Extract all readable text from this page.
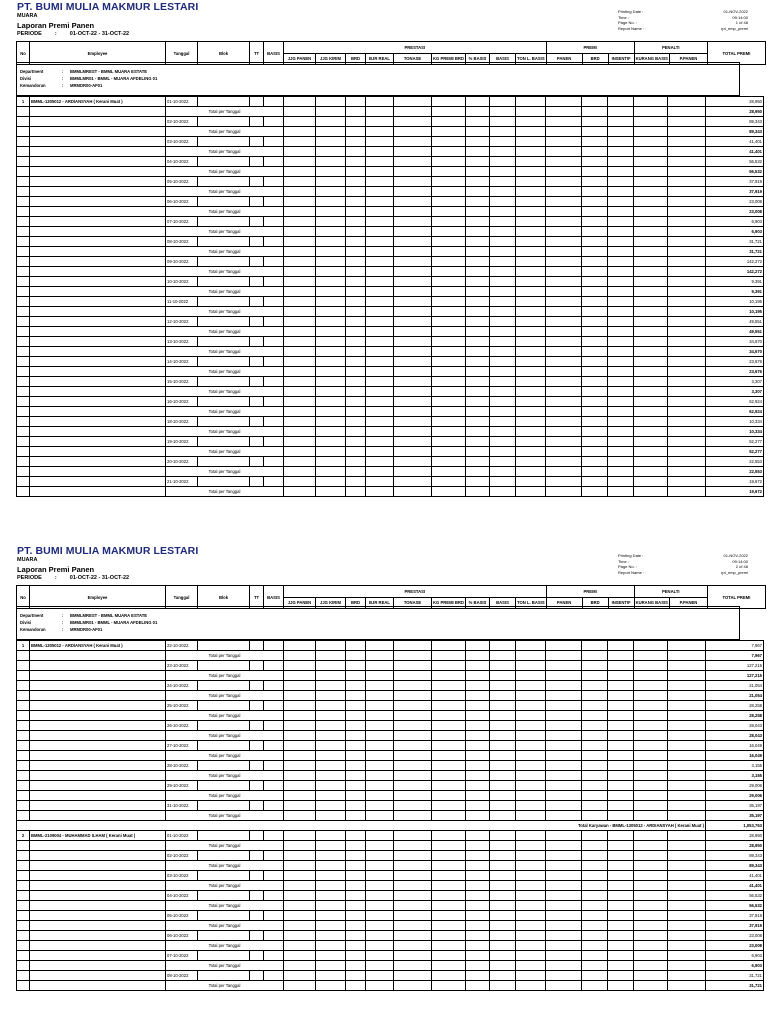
PT. BUMI MULIA MAKMUR LESTARI
MUARA
Laporan Premi Panen
PERIODE : 01-OCT-22 - 31-OCT-22
Printing Date :
Time :
Page No. :
Report Name :
01-NOV-2022
09:14:00
1 of 48
rpt_emp_premi
No	Employee	Tanggal	Blok	TT	BASIS	PRESTASI									PREMI			PENALTI		TOTAL PREMI
						JJG PANEN	JJG KIRIM	BRD	BJR REAL	TONASE	KG PREMI BRD	% BASIS	BASIS	TON L. BASIS	PANEN	BRD	INSENTIF	KURANG BASIS	P.PANEN	
Department	: BMMLMREST - BMML MUARA ESTATE
Divisi	: BMMLMR01 - BMML - MUARA AFDELING 01
Kemandoran	: MRMDR00-AF01
1	BMML-1305012 - ARDIANSYAH ( Kerani Muat )	01-10-2022																		28,950
		Total per Tanggal																		28,950
		02-10-2022																		89,343
		Total per Tanggal																		89,343
		03-10-2022																		41,401
		Total per Tanggal																		41,401
		04-10-2022																		56,532
		Total per Tanggal																		56,532
		05-10-2022																		37,919
		Total per Tanggal																		37,919
		06-10-2022																		23,008
		Total per Tanggal																		23,008
		07-10-2022																		6,903
		Total per Tanggal																		6,903
		08-10-2022																		31,721
		Total per Tanggal																		31,721
		09-10-2022																		142,272
		Total per Tanggal																		142,272
		10-10-2022																		9,391
		Total per Tanggal																		9,391
		11-10-2022																		10,195
		Total per Tanggal																		10,195
		12-10-2022																		49,551
		Total per Tanggal																		49,551
		13-10-2022																		34,670
		Total per Tanggal																		34,670
		14-10-2022																		23,676
		Total per Tanggal																		23,676
		15-10-2022																		3,307
		Total per Tanggal																		3,307
		16-10-2022																		62,924
		Total per Tanggal																		62,924
		18-10-2022																		10,334
		Total per Tanggal																		10,334
		19-10-2022																		52,277
		Total per Tanggal																		52,277
		20-10-2022																		22,553
		Total per Tanggal																		22,553
		21-10-2022																		19,672
		Total per Tanggal																		19,672
PT. BUMI MULIA MAKMUR LESTARI
MUARA
Laporan Premi Panen
PERIODE : 01-OCT-22 - 31-OCT-22
Printing Date :
Time :
Page No. :
Report Name :
01-NOV-2022
09:14:00
2 of 48
rpt_emp_premi
No	Employee	Tanggal	Blok	TT	BASIS	PRESTASI									PREMI			PENALTI		TOTAL PREMI
						JJG PANEN	JJG KIRIM	BRD	BJR REAL	TONASE	KG PREMI BRD	% BASIS	BASIS	TON L. BASIS	PANEN	BRD	INSENTIF	KURANG BASIS	P.PANEN	
Department	: BMMLMREST - BMML MUARA ESTATE
Divisi	: BMMLMR01 - BMML - MUARA AFDELING 01
Kemandoran	: MRMDR00-AF01
1	BMML-1305012 - ARDIANSYAH ( Kerani Muat )	22-10-2022																		7,967
		Total per Tanggal																		7,967
		23-10-2022																		127,215
		Total per Tanggal																		127,215
		24-10-2022																		21,054
		Total per Tanggal																		21,054
		25-10-2022																		28,258
		Total per Tanggal																		28,258
		26-10-2022																		28,043
		Total per Tanggal																		28,043
		27-10-2022																		16,049
		Total per Tanggal																		16,049
		28-10-2022																		3,155
		Total per Tanggal																		3,155
		29-10-2022																		29,006
		Total per Tanggal																		29,006
		31-10-2022																		35,197
		Total per Tanggal																		35,197
Total Karyawan - BMML-1305012 - ARDIANSYAH ( Kerani Muat )																				1,053,763
2	BMML-2109004 - MUHAMMAD ILHAM ( Kerani Muat )	01-10-2022																		28,950
		Total per Tanggal																		28,950
		02-10-2022																		89,343
		Total per Tanggal																		89,343
		03-10-2022																		41,401
		Total per Tanggal																		41,401
		04-10-2022																		56,532
		Total per Tanggal																		56,532
		05-10-2022																		37,919
		Total per Tanggal																		37,919
		06-10-2022																		23,008
		Total per Tanggal																		23,008
		07-10-2022																		6,903
		Total per Tanggal																		6,903
		08-10-2022																		31,721
		Total per Tanggal																		31,721
